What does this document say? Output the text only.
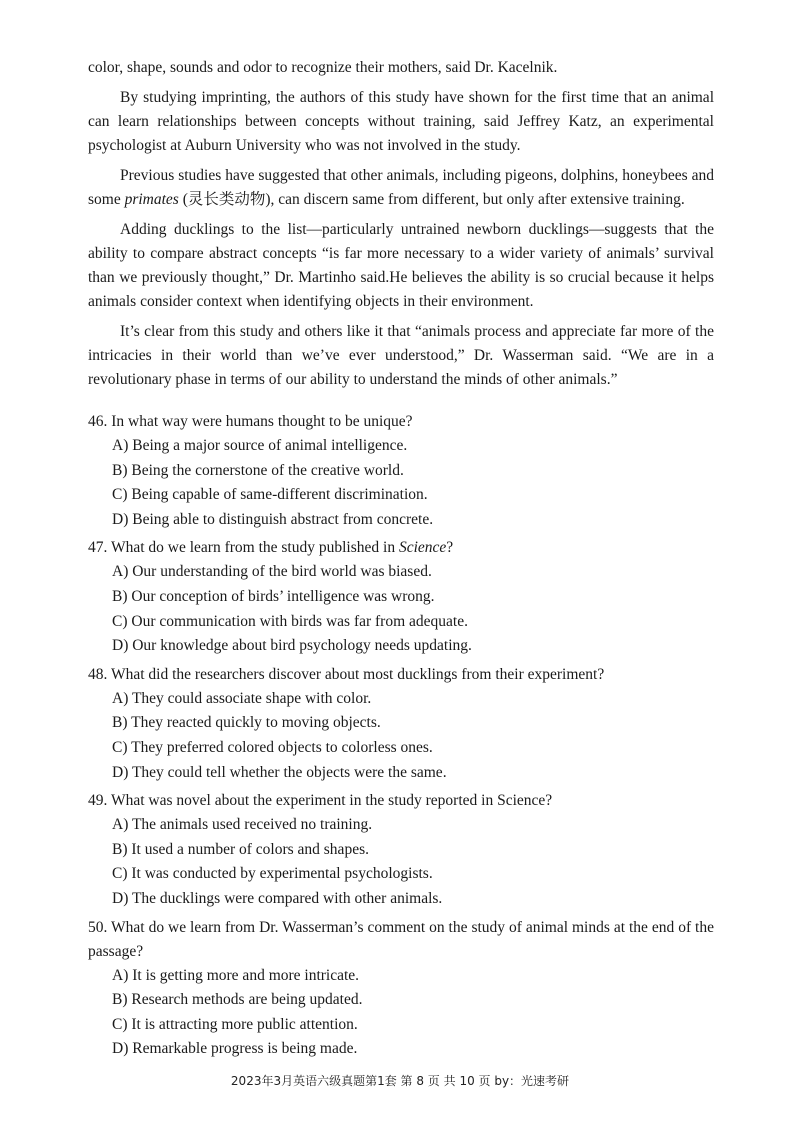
color, shape, sounds and odor to recognize their mothers, said Dr. Kacelnik.

By studying imprinting, the authors of this study have shown for the first time that an animal can learn relationships between concepts without training, said Jeffrey Katz, an experimental psychologist at Auburn University who was not involved in the study.

Previous studies have suggested that other animals, including pigeons, dolphins, honeybees and some primates (灵长类动物), can discern same from different, but only after extensive training.

Adding ducklings to the list—particularly untrained newborn ducklings—suggests that the ability to compare abstract concepts “is far more necessary to a wider variety of animals’ survival than we previously thought,” Dr. Martinho said.He believes the ability is so crucial because it helps animals consider context when identifying objects in their environment.

It’s clear from this study and others like it that “animals process and appreciate far more of the intricacies in their world than we’ve ever understood,” Dr. Wasserman said. “We are in a revolutionary phase in terms of our ability to understand the minds of other animals.”

46. In what way were humans thought to be unique?
A) Being a major source of animal intelligence.
B) Being the cornerstone of the creative world.
C) Being capable of same-different discrimination.
D) Being able to distinguish abstract from concrete.
47. What do we learn from the study published in Science?
A) Our understanding of the bird world was biased.
B) Our conception of birds’ intelligence was wrong.
C) Our communication with birds was far from adequate.
D) Our knowledge about bird psychology needs updating.
48. What did the researchers discover about most ducklings from their experiment?
A) They could associate shape with color.
B) They reacted quickly to moving objects.
C) They preferred colored objects to colorless ones.
D) They could tell whether the objects were the same.
49. What was novel about the experiment in the study reported in Science?
A) The animals used received no training.
B) It used a number of colors and shapes.
C) It was conducted by experimental psychologists.
D) The ducklings were compared with other animals.
50. What do we learn from Dr. Wasserman’s comment on the study of animal minds at the end of the passage?
A) It is getting more and more intricate.
B) Research methods are being updated.
C) It is attracting more public attention.
D) Remarkable progress is being made.
2023年3月英语六级真题第1套 第 8 页 共 10 页 by：光速考研
